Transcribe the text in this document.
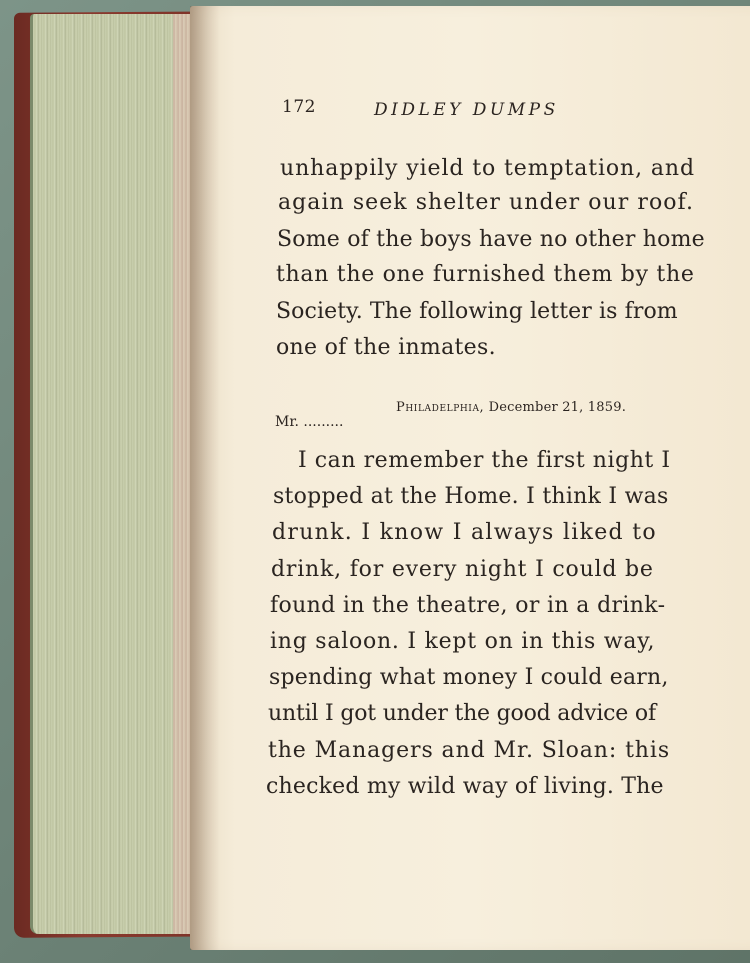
172	DIDLEY DUMPS
unhappily yield to temptation, and
again seek shelter under our roof.
Some of the boys have no other home
than the one furnished them by the
Society. The following letter is from
one of the inmates.
Philadelphia, December 21, 1859.
Mr. .........
I can remember the first night I
stopped at the Home. I think I was
drunk. I know I always liked to
drink, for every night I could be
found in the theatre, or in a drink-
ing saloon. I kept on in this way,
spending what money I could earn,
until I got under the good advice of
the Managers and Mr. Sloan: this
checked my wild way of living. The
